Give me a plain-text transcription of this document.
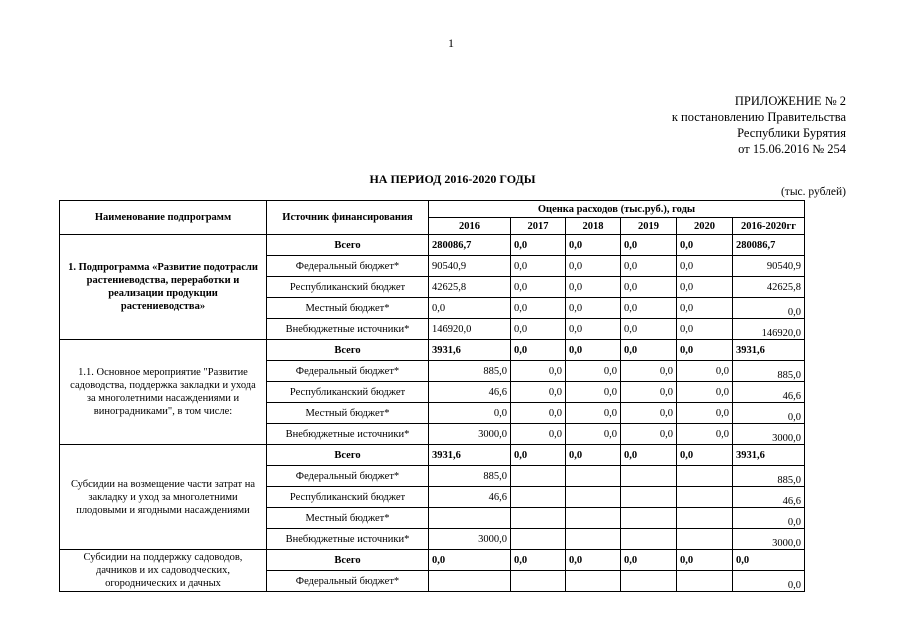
1
ПРИЛОЖЕНИЕ № 2
к постановлению Правительства
Республики Бурятия
от 15.06.2016 № 254
НА ПЕРИОД 2016-2020 ГОДЫ
(тыс. рублей)
Наименование подпрограмм	Источник финансирования	Оценка расходов (тыс.руб.), годы					
		2016	2017	2018	2019	2020	2016-2020гг
1. Подпрограмма «Развитие подотрасли растениеводства, переработки и реализации продукции растениеводства»	Всего	280086,7	0,0	0,0	0,0	0,0	280086,7
	Федеральный бюджет*	90540,9	0,0	0,0	0,0	0,0	90540,9
	Республиканский бюджет	42625,8	0,0	0,0	0,0	0,0	42625,8
	Местный бюджет*	0,0	0,0	0,0	0,0	0,0	0,0
	Внебюджетные источники*	146920,0	0,0	0,0	0,0	0,0	146920,0
1.1. Основное мероприятие "Развитие садоводства, поддержка закладки и ухода за многолетними насаждениями и виноградниками", в том числе:	Всего	3931,6	0,0	0,0	0,0	0,0	3931,6
	Федеральный бюджет*	885,0	0,0	0,0	0,0	0,0	885,0
	Республиканский бюджет	46,6	0,0	0,0	0,0	0,0	46,6
	Местный бюджет*	0,0	0,0	0,0	0,0	0,0	0,0
	Внебюджетные источники*	3000,0	0,0	0,0	0,0	0,0	3000,0
Субсидии на возмещение части затрат на закладку и уход за многолетними плодовыми и ягодными насаждениями	Всего	3931,6	0,0	0,0	0,0	0,0	3931,6
	Федеральный бюджет*	885,0					885,0
	Республиканский бюджет	46,6					46,6
	Местный бюджет*						0,0
	Внебюджетные источники*	3000,0					3000,0
Субсидии на поддержку садоводов, дачников и их садоводческих, огороднических и дачных	Всего	0,0	0,0	0,0	0,0	0,0	0,0
	Федеральный бюджет*						0,0
